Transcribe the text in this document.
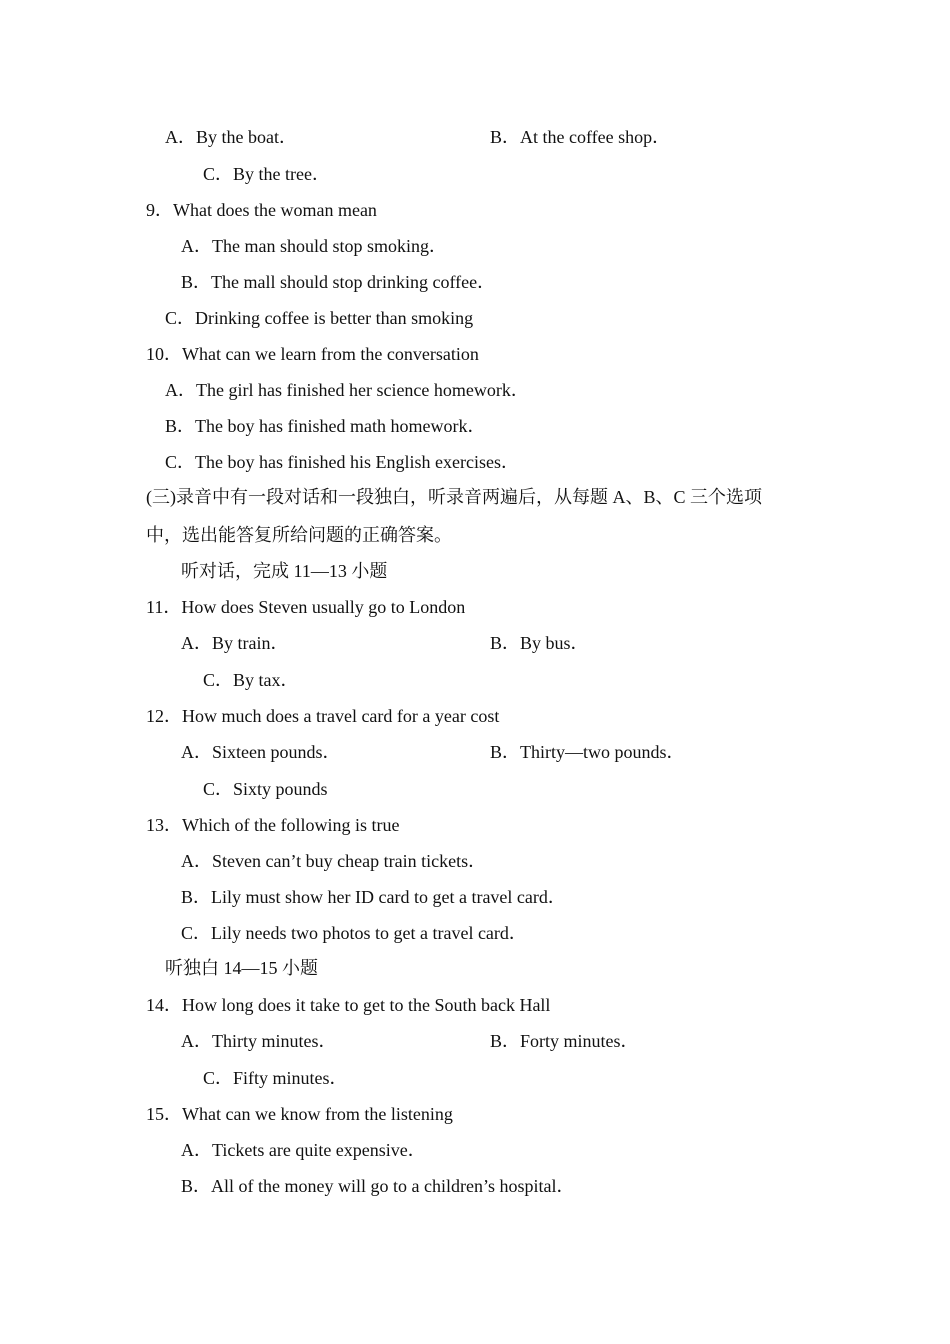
A．By the boat．	B．At the coffee shop．
C．By the tree．
9．What does the woman mean
A．The man should stop smoking．
B．The mall should stop drinking coffee．
C．Drinking coffee is better than smoking
10．What can we learn from the conversation
A．The girl has finished her science homework．
B．The boy has finished math homework．
C．The boy has finished his English exercises．
(三)录音中有一段对话和一段独白，听录音两遍后，从每题 A、B、C 三个选项
中，选出能答复所给问题的正确答案。
听对话，完成 11—13 小题
11．How does Steven usually go to London
A．By train．	B．By bus．
C．By tax．
12．How much does a travel card for a year cost
A．Sixteen pounds．	B．Thirty—two pounds．
C．Sixty pounds
13．Which of the following is true
A．Steven can’t buy cheap train tickets．
B．Lily must show her ID card to get a travel card．
C．Lily needs two photos to get a travel card．
听独白 14—15 小题
14．How long does it take to get to the South back Hall
A．Thirty minutes．	B．Forty minutes．
C．Fifty minutes．
15．What can we know from the listening
A．Tickets are quite expensive．
B．All of the money will go to a children’s hospital．
